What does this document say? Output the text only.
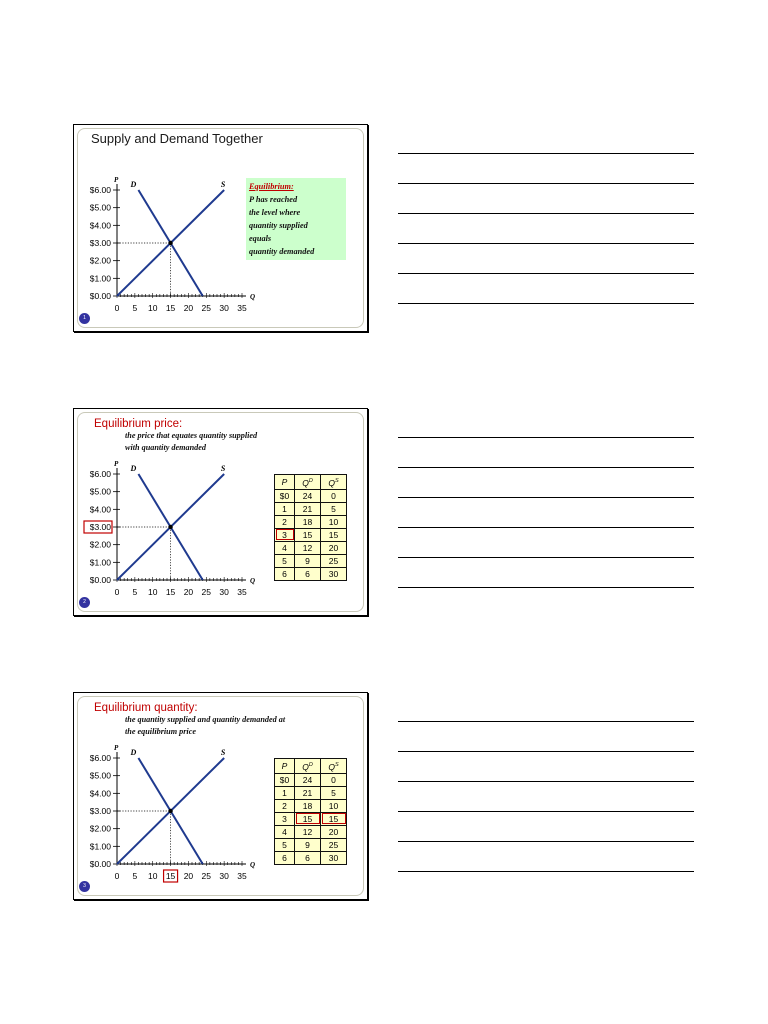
Supply and Demand Together
P
Q
$0.00
$1.00
$2.00
$3.00
$4.00
$5.00
$6.00
0 5 10 15 20 25 30 35
D	S	Equilibrium:
P has reached
the level where
quantity supplied
equals
quantity demanded
1
Equilibrium price:
the price that equates quantity supplied
with quantity demanded
P
Q
$0.00
$1.00
$2.00
$3.00
$4.00
$5.00
$6.00
0 5 10 15 20 25 30 35
D	S
P	$Q^D$	$Q^S$
$0	24	0
1	21	5
2	18	10
3	15	15
4	12	20
5	9	25
6	6	30
2
Equilibrium quantity:
the quantity supplied and quantity demanded at
the equilibrium price
P
Q
$0.00
$1.00
$2.00
$3.00
$4.00
$5.00
$6.00
0 5 10 15 20 25 30 35
D	S
P	$Q^D$	$Q^S$
$0	24	0
1	21	5
2	18	10
3	15	15
4	12	20
5	9	25
6	6	30
3
